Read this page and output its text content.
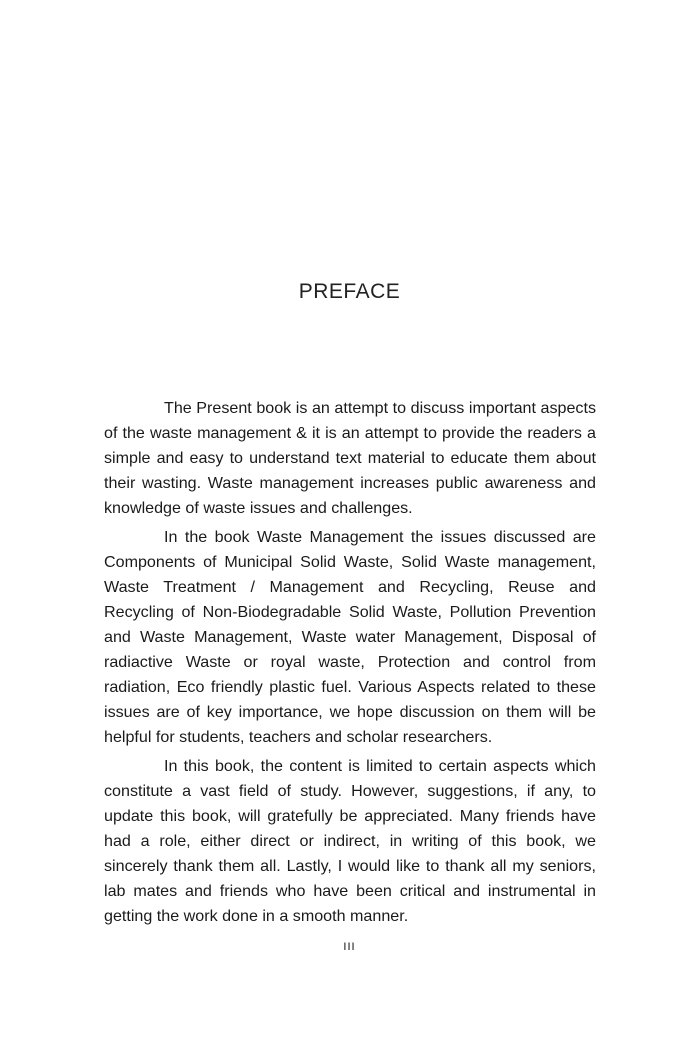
PREFACE

The Present book is an attempt to discuss important aspects of the waste management & it is an attempt to provide the readers a simple and easy to understand text material to educate them about their wasting. Waste management increases public awareness and knowledge of waste issues and challenges.

In the book Waste Management the issues discussed are Components of Municipal Solid Waste, Solid Waste management, Waste Treatment / Management and Recycling, Reuse and Recycling of Non-Biodegradable Solid Waste, Pollution Prevention and Waste Management, Waste water Management, Disposal of radiactive Waste or royal waste, Protection and control from radiation, Eco friendly plastic fuel. Various Aspects related to these issues are of key importance, we hope discussion on them will be helpful for students, teachers and scholar researchers.

In this book, the content is limited to certain aspects which constitute a vast field of study. However, suggestions, if any, to update this book, will gratefully be appreciated. Many friends have had a role, either direct or indirect, in writing of this book, we sincerely thank them all. Lastly, I would like to thank all my seniors, lab mates and friends who have been critical and instrumental in getting the work done in a smooth manner.

III
